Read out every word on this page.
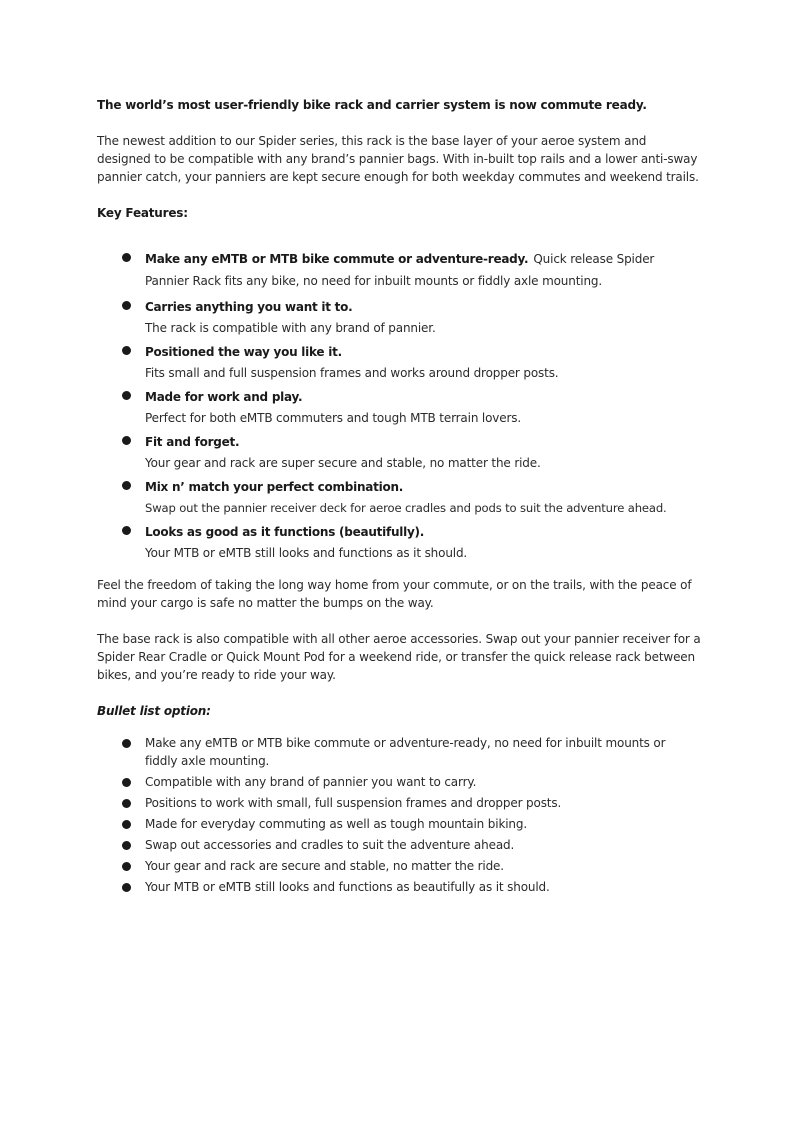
The world’s most user-friendly bike rack and carrier system is now commute ready.

The newest addition to our Spider series, this rack is the base layer of your aeroe system and designed to be compatible with any brand’s pannier bags. With in-built top rails and a lower anti-sway pannier catch, your panniers are kept secure enough for both weekday commutes and weekend trails.

Key Features:

Make any eMTB or MTB bike commute or adventure-ready. Quick release Spider Pannier Rack fits any bike, no need for inbuilt mounts or fiddly axle mounting.
Carries anything you want it to.
The rack is compatible with any brand of pannier.
Positioned the way you like it.
Fits small and full suspension frames and works around dropper posts.
Made for work and play.
Perfect for both eMTB commuters and tough MTB terrain lovers.
Fit and forget.
Your gear and rack are super secure and stable, no matter the ride.
Mix n’ match your perfect combination.
Swap out the pannier receiver deck for aeroe cradles and pods to suit the adventure ahead.
Looks as good as it functions (beautifully).
Your MTB or eMTB still looks and functions as it should.

Feel the freedom of taking the long way home from your commute, or on the trails, with the peace of mind your cargo is safe no matter the bumps on the way.

The base rack is also compatible with all other aeroe accessories. Swap out your pannier receiver for a Spider Rear Cradle or Quick Mount Pod for a weekend ride, or transfer the quick release rack between bikes, and you’re ready to ride your way.

Bullet list option:

Make any eMTB or MTB bike commute or adventure-ready, no need for inbuilt mounts or fiddly axle mounting.
Compatible with any brand of pannier you want to carry.
Positions to work with small, full suspension frames and dropper posts.
Made for everyday commuting as well as tough mountain biking.
Swap out accessories and cradles to suit the adventure ahead.
Your gear and rack are secure and stable, no matter the ride.
Your MTB or eMTB still looks and functions as beautifully as it should.
